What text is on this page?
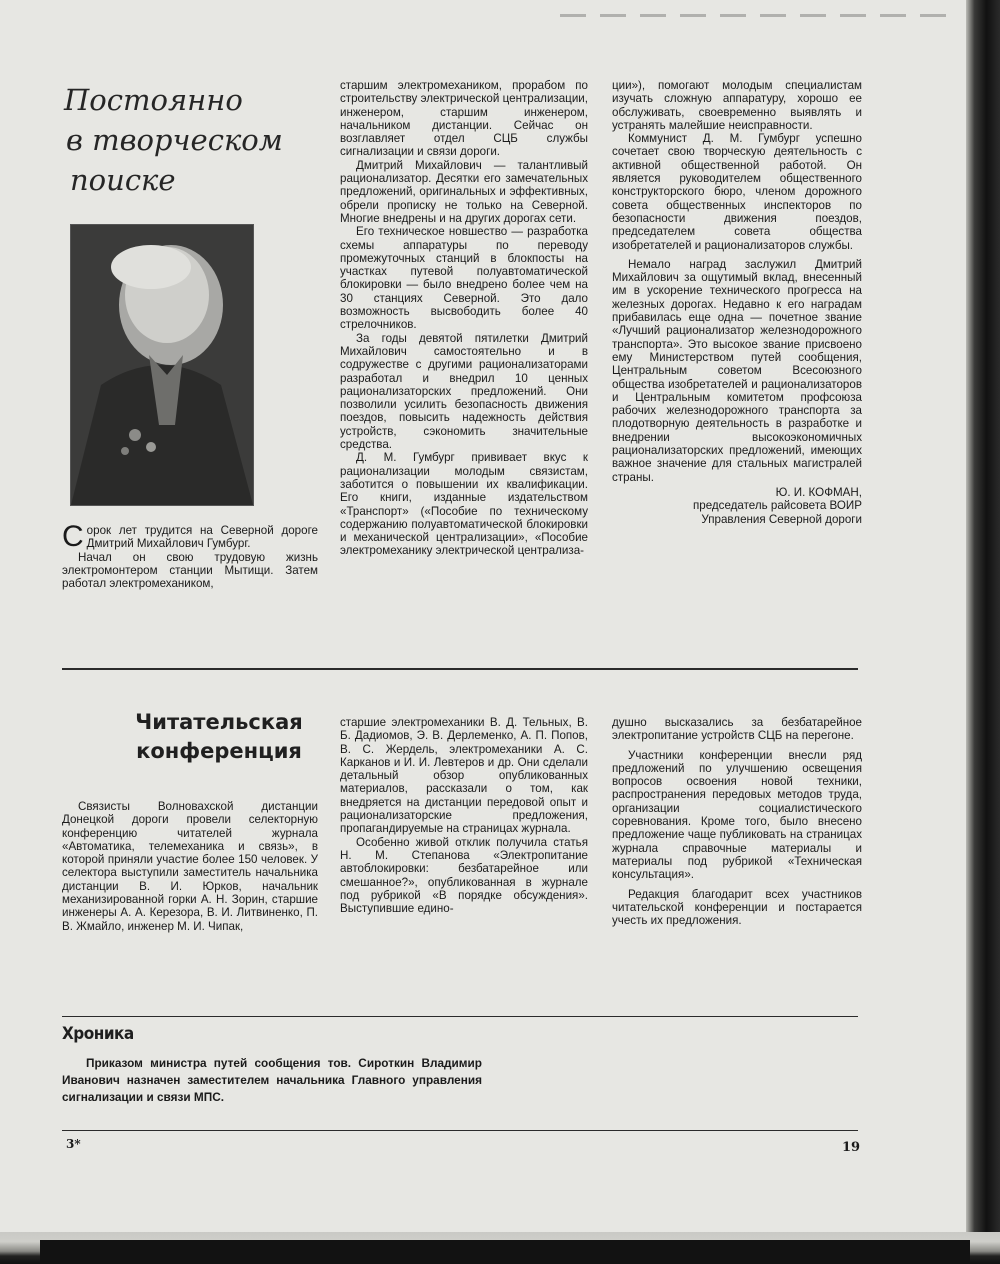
Постоянно
в творческом
поиске

Сорок лет трудится на Северной дороге Дмитрий Михайлович Гумбург.

Начал он свою трудовую жизнь электромонтером станции Мытищи. Затем работал электромехаником,

старшим электромехаником, прорабом по строительству электрической централизации, инженером, старшим инженером, начальником дистанции. Сейчас он возглавляет отдел СЦБ службы сигнализации и связи дороги.

Дмитрий Михайлович — талантливый рационализатор. Десятки его замечательных предложений, оригинальных и эффективных, обрели прописку не только на Северной. Многие внедрены и на других дорогах сети.

Его техническое новшество — разработка схемы аппаратуры по переводу промежуточных станций в блокпосты на участках путевой полуавтоматической блокировки — было внедрено более чем на 30 станциях Северной. Это дало возможность высвободить более 40 стрелочников.

За годы девятой пятилетки Дмитрий Михайлович самостоятельно и в содружестве с другими рационализаторами разработал и внедрил 10 ценных рационализаторских предложений. Они позволили усилить безопасность движения поездов, повысить надежность действия устройств, сэкономить значительные средства.

Д. М. Гумбург прививает вкус к рационализации молодым связистам, заботится о повышении их квалификации. Его книги, изданные издательством «Транспорт» («Пособие по техническому содержанию полуавтоматической блокировки и механической централизации», «Пособие электромеханику электрической централиза-

ции»), помогают молодым специалистам изучать сложную аппаратуру, хорошо ее обслуживать, своевременно выявлять и устранять малейшие неисправности.

Коммунист Д. М. Гумбург успешно сочетает свою творческую деятельность с активной общественной работой. Он является руководителем общественного конструкторского бюро, членом дорожного совета общественных инспекторов по безопасности движения поездов, председателем совета общества изобретателей и рационализаторов службы.

Немало наград заслужил Дмитрий Михайлович за ощутимый вклад, внесенный им в ускорение технического прогресса на железных дорогах. Недавно к его наградам прибавилась еще одна — почетное звание «Лучший рационализатор железнодорожного транспорта». Это высокое звание присвоено ему Министерством путей сообщения, Центральным советом Всесоюзного общества изобретателей и рационализаторов и Центральным комитетом профсоюза рабочих железнодорожного транспорта за плодотворную деятельность в разработке и внедрении высокоэкономичных рационализаторских предложений, имеющих важное значение для стальных магистралей страны.

Ю. И. КОФМАН,

председатель райсовета ВОИР

Управления Северной дороги

Читательская
конференция

Связисты Волновахской дистанции Донецкой дороги провели селекторную конференцию читателей журнала «Автоматика, телемеханика и связь», в которой приняли участие более 150 человек. У селектора выступили заместитель начальника дистанции В. И. Юрков, начальник механизированной горки А. Н. Зорин, старшие инженеры А. А. Керезора, В. И. Литвиненко, П. В. Жмайло, инженер М. И. Чипак,

старшие электромеханики В. Д. Тельных, В. Б. Дадиомов, Э. В. Дерлеменко, А. П. Попов, В. С. Жердель, электромеханики А. С. Карканов и И. И. Левтеров и др. Они сделали детальный обзор опубликованных материалов, рассказали о том, как внедряется на дистанции передовой опыт и рационализаторские предложения, пропагандируемые на страницах журнала.

Особенно живой отклик получила статья Н. М. Степанова «Электропитание автоблокировки: безбатарейное или смешанное?», опубликованная в журнале под рубрикой «В порядке обсуждения». Выступившие едино-

душно высказались за безбатарейное электропитание устройств СЦБ на перегоне.

Участники конференции внесли ряд предложений по улучшению освещения вопросов освоения новой техники, распространения передовых методов труда, организации социалистического соревнования. Кроме того, было внесено предложение чаще публиковать на страницах журнала справочные материалы и материалы под рубрикой «Техническая консультация».

Редакция благодарит всех участников читательской конференции и постарается учесть их предложения.

Хроника

Приказом министра путей сообщения тов. Сироткин Владимир Иванович назначен заместителем начальника Главного управления сигнализации и связи МПС.

3*	19
